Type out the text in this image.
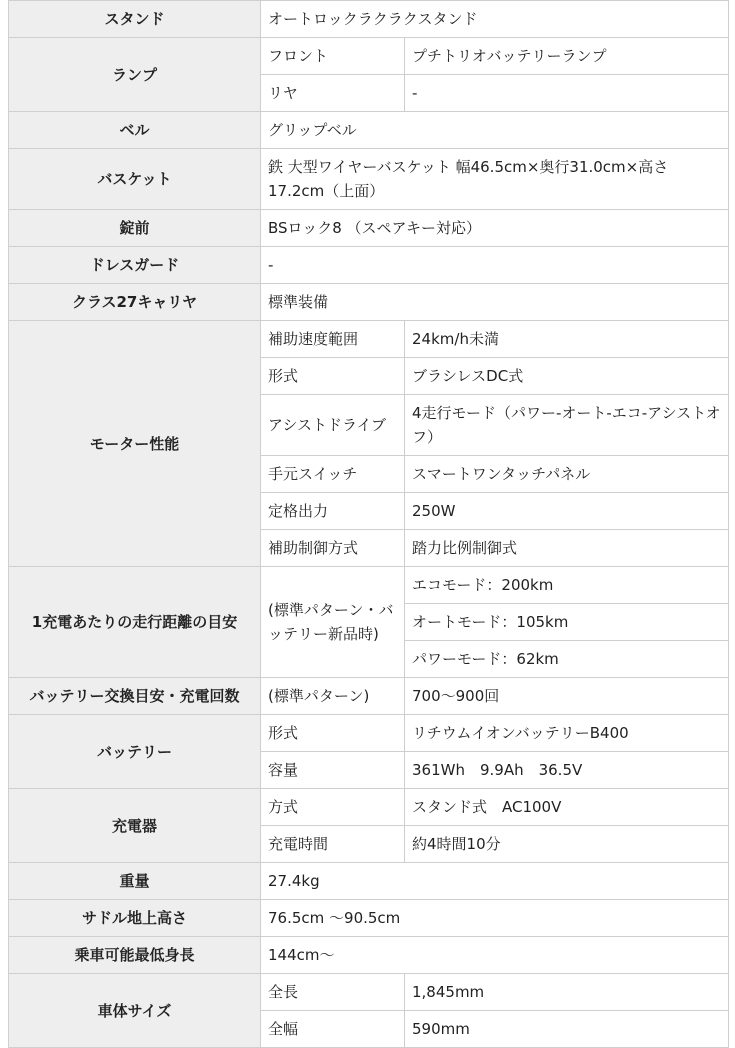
スタンド	オートロックラクラクスタンド	
ランプ	フロント	プチトリオバッテリーランプ
	リヤ	-
ベル	グリップベル	
バスケット	鉄 大型ワイヤーバスケット 幅46.5cm×奥行31.0cm×高さ17.2cm（上面）	
錠前	BSロック8 （スペアキー対応）	
ドレスガード	-	
クラス27キャリヤ	標準装備	
モーター性能	補助速度範囲	24km/h未満
	形式	ブラシレスDC式
	アシストドライブ	4走行モード（パワー-オート-エコ-アシストオフ）
	手元スイッチ	スマートワンタッチパネル
	定格出力	250W
	補助制御方式	踏力比例制御式
1充電あたりの走行距離の目安	(標準パターン・バッテリー新品時)	エコモード：200km
		オートモード：105km
		パワーモード：62km
バッテリー交換目安・充電回数	(標準パターン)	700〜900回
バッテリー	形式	リチウムイオンバッテリーB400
	容量	361Wh　9.9Ah　36.5V
充電器	方式	スタンド式　AC100V
	充電時間	約4時間10分
重量	27.4kg	
サドル地上高さ	76.5cm 〜90.5cm	
乗車可能最低身長	144cm〜	
車体サイズ	全長	1,845mm
	全幅	590mm
